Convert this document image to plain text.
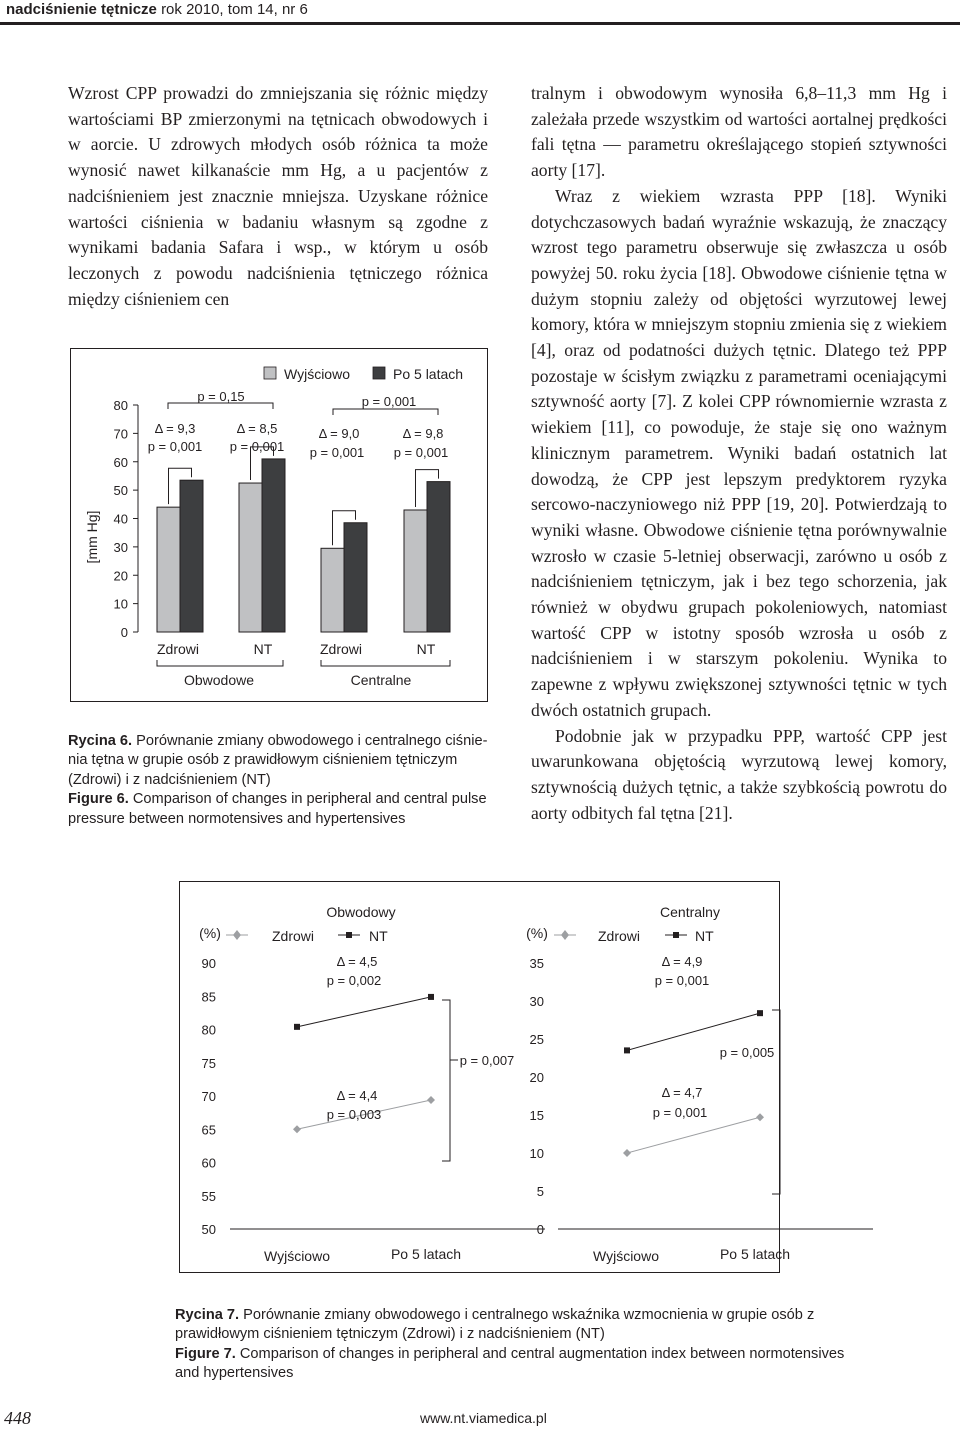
nadciśnienie tętnicze rok 2010, tom 14, nr 6

Wzrost CPP prowadzi do zmniejszania się różnic między wartościami BP zmierzonymi na tętnicach obwodowych i w aorcie. U zdrowych młodych osób różnica ta może wynosić nawet kilkanaście mm Hg, a u pacjentów z nadciśnieniem jest znacznie mniejsza. Uzyskane różnice wartości ciśnienia w badaniu własnym są zgodne z wynikami badania Safara i wsp., w którym u osób leczonych z powodu nadciśnienia tętniczego różnica między ciśnieniem cen

tralnym i obwodowym wynosiła 6,8–11,3 mm Hg i zależała przede wszystkim od wartości aortalnej prędkości fali tętna — parametru określającego stopień sztywności aorty [17].

Wraz z wiekiem wzrasta PPP [18]. Wyniki dotychczasowych badań wyraźnie wskazują, że znaczący wzrost tego parametru obserwuje się zwłaszcza u osób powyżej 50. roku życia [18]. Obwodowe ciśnienie tętna w dużym stopniu zależy od objętości wyrzutowej lewej komory, która w mniejszym stopniu zmienia się z wiekiem [4], oraz od podatności dużych tętnic. Dlatego też PPP pozostaje w ścisłym związku z parametrami oceniającymi sztywność aorty [7]. Z kolei CPP równomiernie wzrasta z wiekiem [11], co powoduje, że staje się ono ważnym klinicznym parametrem. Wyniki badań ostatnich lat dowodzą, że CPP jest lepszym predyktorem ryzyka sercowo-naczyniowego niż PPP [19, 20]. Potwierdzają to wyniki własne. Obwodowe ciśnienie tętna porównywalnie wzrosło w czasie 5-letniej obserwacji, zarówno u osób z nadciśnieniem tętniczym, jak i bez tego schorzenia, jak również w obydwu grupach pokoleniowych, natomiast wartość CPP w istotny sposób wzrosła u osób z nadciśnieniem i w starszym pokoleniu. Wynika to zapewne z wpływu zwiększonej sztywności tętnic w tych dwóch ostatnich grupach.

Podobnie jak w przypadku PPP, wartość CPP jest uwarunkowana objętością wyrzutową lewej komory, sztywnością dużych tętnic, a także szybkością powrotu do aorty odbitych fal tętna [21].

[mm Hg]
0
10
20
30
40
50
60
70
80
Wyjściowo	Po 5 latach
p = 0,15	p = 0,001
Δ = 9,3
p = 0,001
Δ = 8,5
p = 0,001
Δ = 9,0
p = 0,001
Δ = 9,8
p = 0,001
Zdrowi	NT	Zdrowi	NT
Obwodowe	Centralne

Rycina 6. Porównanie zmiany obwodowego i centralnego ciśnienia tętna w grupie osób z prawidłowym ciśnieniem tętniczym (Zdrowi) i z nadciśnieniem (NT)

Figure 6. Comparison of changes in peripheral and central pulse pressure between normotensives and hypertensives

Obwodowy
(%)	Zdrowi	NT
50
55
60
65
70
75
80
85
90	Δ = 4,5
p = 0,002
Δ = 4,4
p = 0,003
p = 0,007
Wyjściowo	Po 5 latach
Centralny
(%)	Zdrowi	NT
0
5
10
15
20
25
30
35	Δ = 4,9
p = 0,001
Δ = 4,7
p = 0,001
p = 0,005
Wyjściowo	Po 5 latach

Rycina 7. Porównanie zmiany obwodowego i centralnego wskaźnika wzmocnienia w grupie osób z prawidłowym ciśnieniem tętniczym (Zdrowi) i z nadciśnieniem (NT)

Figure 7. Comparison of changes in peripheral and central augmentation index between normotensives and hypertensives

448	www.nt.viamedica.pl
